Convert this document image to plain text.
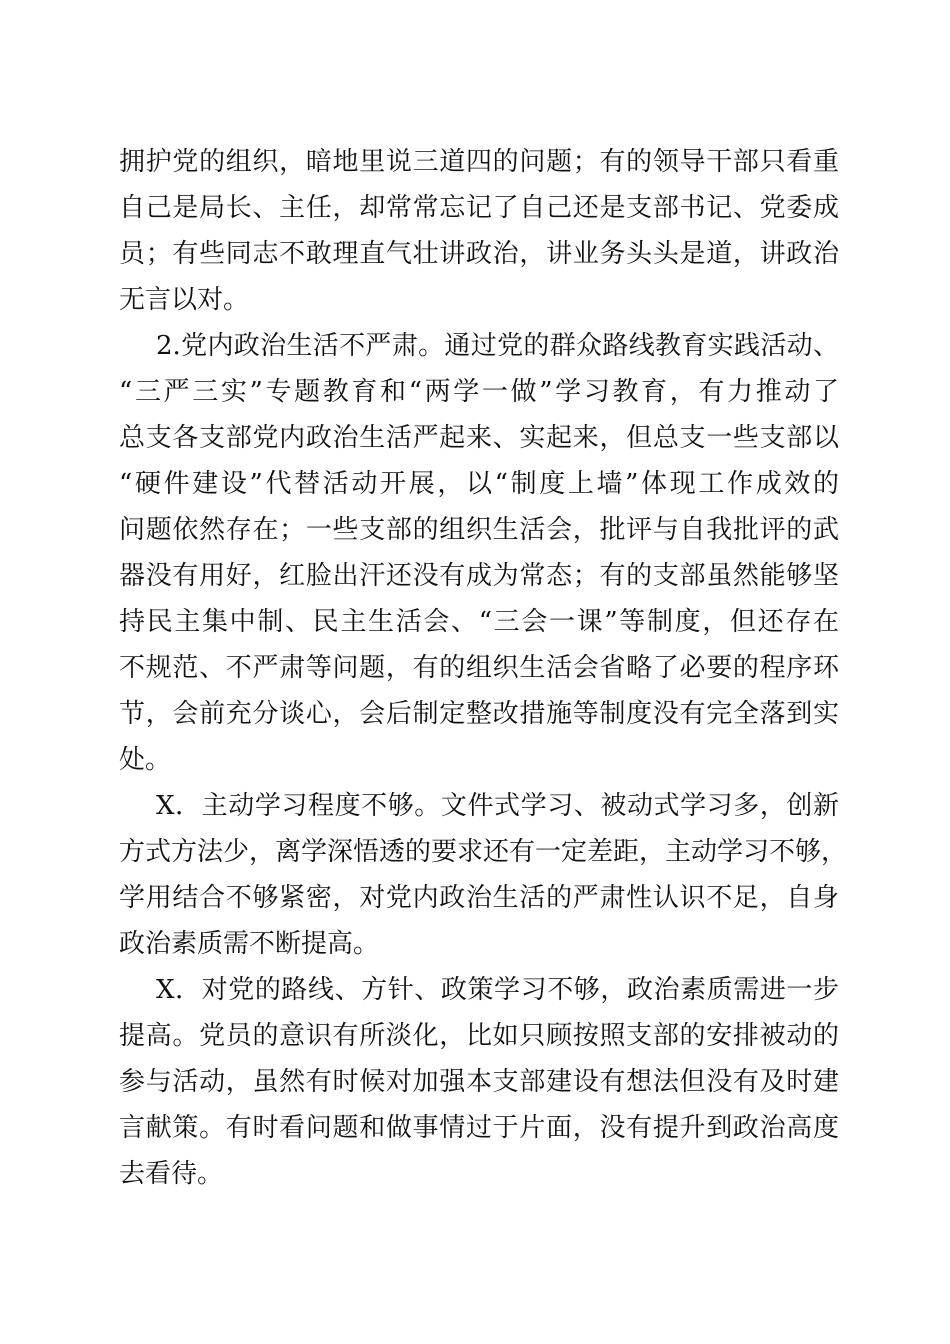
拥护党的组织，暗地里说三道四的问题；有的领导干部只看重
自己是局长、主任，却常常忘记了自己还是支部书记、党委成
员；有些同志不敢理直气壮讲政治，讲业务头头是道，讲政治
无言以对。
2.党内政治生活不严肃。通过党的群众路线教育实践活动、
“三严三实”专题教育和“两学一做”学习教育，有力推动了
总支各支部党内政治生活严起来、实起来，但总支一些支部以
“硬件建设”代替活动开展，以“制度上墙”体现工作成效的
问题依然存在；一些支部的组织生活会，批评与自我批评的武
器没有用好，红脸出汗还没有成为常态；有的支部虽然能够坚
持民主集中制、民主生活会、“三会一课”等制度，但还存在
不规范、不严肃等问题，有的组织生活会省略了必要的程序环
节，会前充分谈心，会后制定整改措施等制度没有完全落到实
处。
X．主动学习程度不够。文件式学习、被动式学习多，创新
方式方法少，离学深悟透的要求还有一定差距，主动学习不够，
学用结合不够紧密，对党内政治生活的严肃性认识不足，自身
政治素质需不断提高。
X．对党的路线、方针、政策学习不够，政治素质需进一步
提高。党员的意识有所淡化，比如只顾按照支部的安排被动的
参与活动，虽然有时候对加强本支部建设有想法但没有及时建
言献策。有时看问题和做事情过于片面，没有提升到政治高度
去看待。
